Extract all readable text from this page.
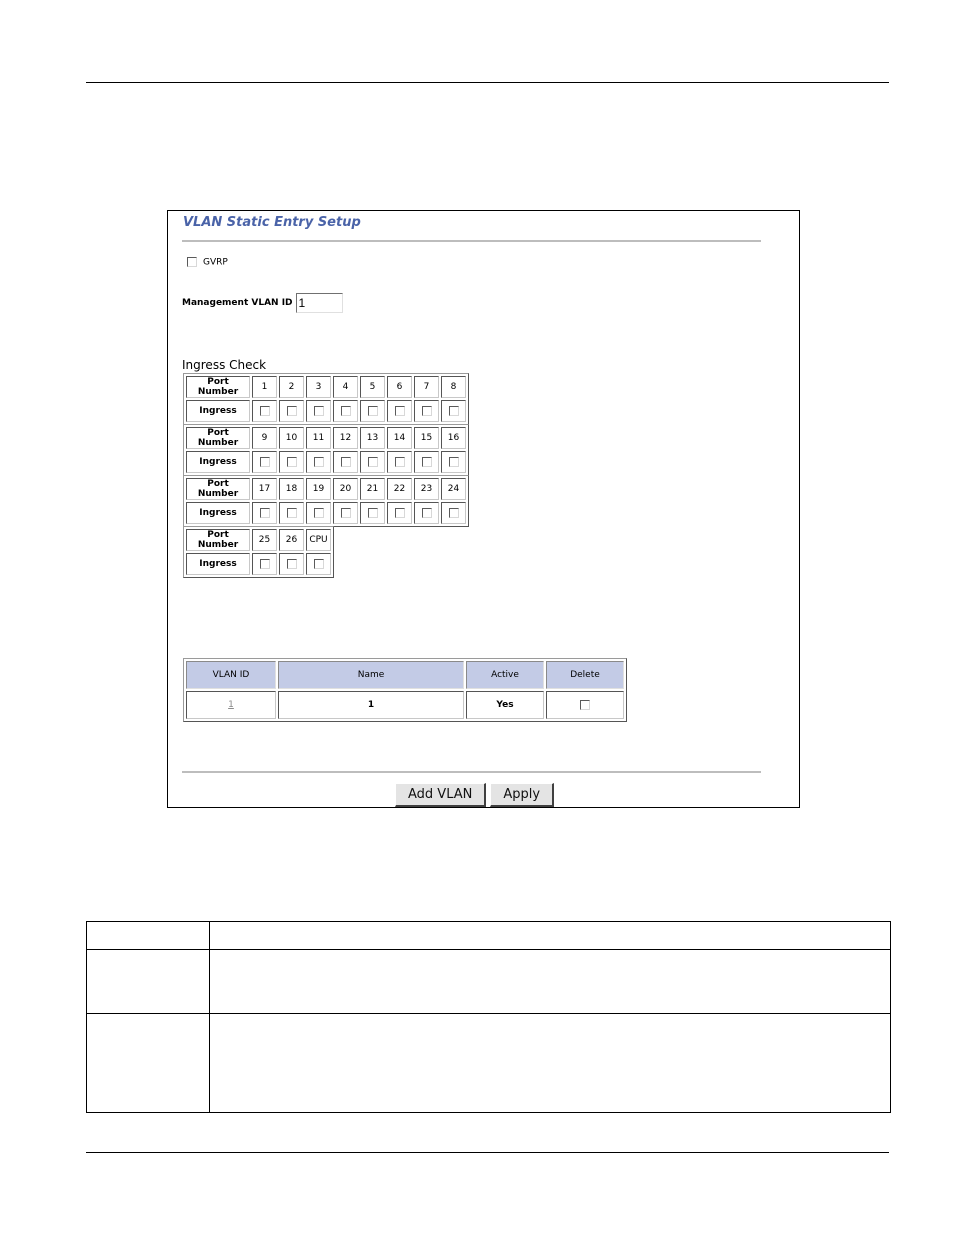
VLAN Static Entry Setup
GVRP
Management VLAN ID
1
Ingress Check
Port Number	1	2	3	4	5	6	7	8
Ingress								
Port Number	9	10	11	12	13	14	15	16
Ingress								
Port Number	17	18	19	20	21	22	23	24
Ingress								
Port Number	25	26	CPU
Ingress			
VLAN ID	Name	Active	Delete
1	1	Yes	
Add VLAN	Apply
